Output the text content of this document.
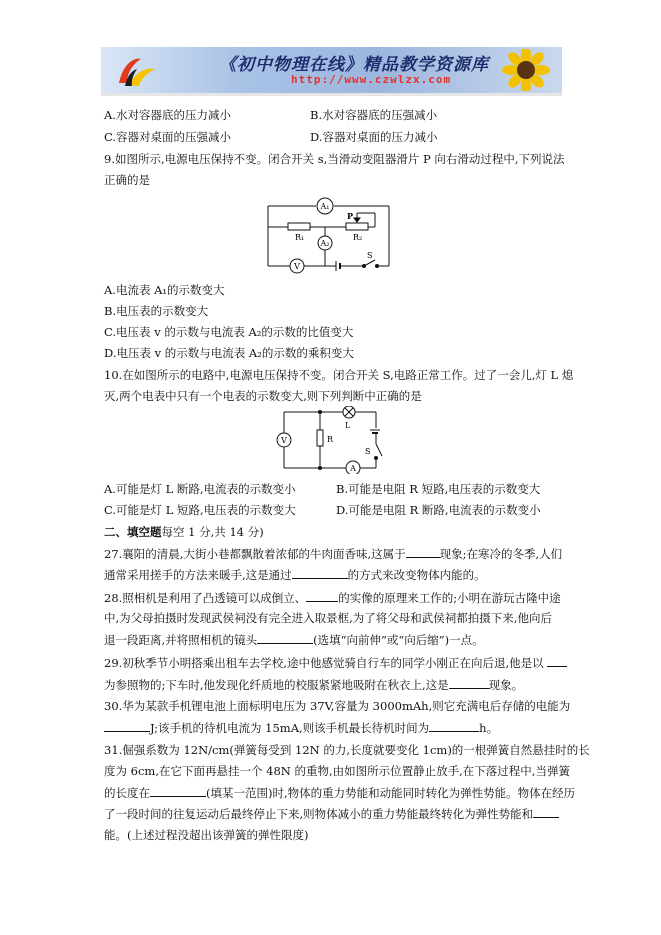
《初中物理在线》精品教学资源库
http://www.czwlzx.com
A.水对容器底的压力减小	B.水对容器底的压强减小
C.容器对桌面的压强减小	D.容器对桌面的压力减小
9.如图所示,电源电压保持不变。闭合开关 s,当滑动变阻器滑片 P 向右滑动过程中,下列说法
正确的是
A₁
A₂
V
R₁	R₂
P
S
A.电流表 A₁的示数变大
B.电压表的示数变大
C.电压表 v 的示数与电流表 A₂的示数的比值变大
D.电压表 v 的示数与电流表 A₂的示数的乘积变大
10.在如图所示的电路中,电源电压保持不变。闭合开关 S,电路正常工作。过了一会儿,灯 L 熄
灭,两个电表中只有一个电表的示数变大,则下列判断中正确的是
V	R
L
S
A
A.可能是灯 L 断路,电流表的示数变小	B.可能是电阻 R 短路,电压表的示数变大
C.可能是灯 L 短路,电压表的示数变大	D.可能是电阻 R 断路,电流表的示数变小
二、填空题每空 1 分,共 14 分)
27.襄阳的清晨,大街小巷都飘散着浓郁的牛肉面香味,这属于	现象;在寒冷的冬季,人们
通常采用搓手的方法来暖手,这是通过	的方式来改变物体内能的。
28.照相机是利用了凸透镜可以成倒立、	的实像的原理来工作的;小明在游玩古隆中途
中,为父母拍摄时发现武侯祠没有完全进入取景框,为了将父母和武侯祠都拍摄下来,他向后
退一段距离,并将照相机的镜头	(选填“向前伸”或“向后缩”)一点。
29.初秋季节小明搭乘出租车去学校,途中他感觉骑自行车的同学小刚正在向后退,他是以
为参照物的;下车时,他发现化纤质地的校服紧紧地吸附在秋衣上,这是	现象。
30.华为某款手机锂电池上面标明电压为 37V,容量为 3000mAh,则它充满电后存储的电能为
J;该手机的待机电流为 15mA,则该手机最长待机时间为	h。
31.倔强系数为 12N/cm(弹簧每受到 12N 的力,长度就要变化 1cm)的一根弹簧自然悬挂时的长
度为 6cm,在它下面再悬挂一个 48N 的重物,由如图所示位置静止放手,在下落过程中,当弹簧
的长度在	(填某一范围)时,物体的重力势能和动能同时转化为弹性势能。物体在经历
了一段时间的往复运动后最终停止下来,则物体减小的重力势能最终转化为弹性势能和
能。(上述过程没超出该弹簧的弹性限度)
